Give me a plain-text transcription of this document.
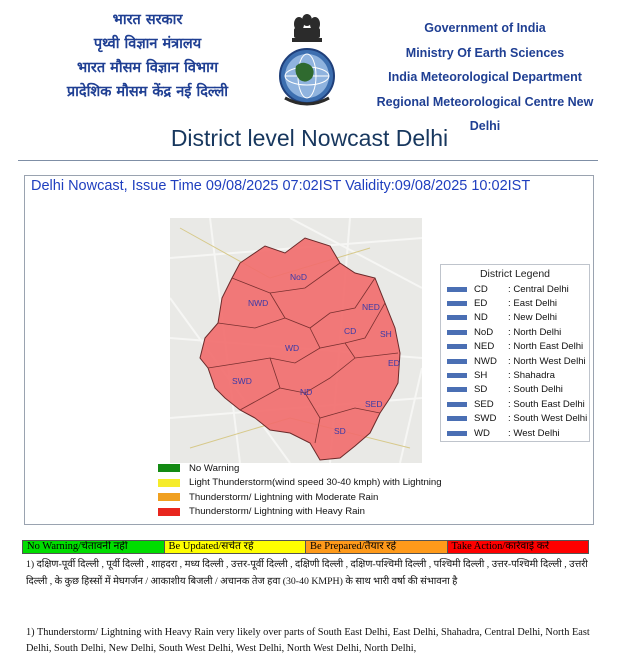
भारत सरकार
पृथ्वी विज्ञान मंत्रालय
भारत मौसम विज्ञान विभाग
प्रादेशिक मौसम केंद्र नई दिल्ली
Government of India
Ministry Of Earth Sciences
India Meteorological Department
Regional Meteorological Centre New Delhi
District level Nowcast Delhi
Delhi Nowcast, Issue Time 09/08/2025 07:02IST Validity:09/08/2025 10:02IST
NoD
NWD	NED
CD	SH
WD
ED
SWD
ND
SED
SD
District Legend
CD	: Central Delhi
ED	: East Delhi
ND	: New Delhi
NoD	: North Delhi
NED	: North East Delhi
NWD	: North West Delhi
SH	: Shahadra
SD	: South Delhi
SED	: South East Delhi
SWD	: South West Delhi
WD	: West Delhi
No Warning
Light Thunderstorm(wind speed 30-40 kmph) with Lightning
Thunderstorm/ Lightning with Moderate Rain
Thunderstorm/ Lightning with Heavy Rain
No Warning/चेतावनी नहीं	Be Updated/सचेत रहे	Be Prepared/तैयार रहे	Take Action/कार्रवाई करें
1) दक्षिण-पूर्वी दिल्ली , पूर्वी दिल्ली , शाहदरा , मध्य दिल्ली , उत्तर-पूर्वी दिल्ली , दक्षिणी दिल्ली , दक्षिण-पश्चिमी दिल्ली , पश्चिमी दिल्ली , उत्तर-पश्चिमी दिल्ली , उत्तरी दिल्ली , के कुछ हिस्सों में मेघगर्जन / आकाशीय बिजली / अचानक तेज हवा (30-40 KMPH) के साथ भारी वर्षा की संभावना है
1) Thunderstorm/ Lightning with Heavy Rain very likely over parts of South East Delhi, East Delhi, Shahadra, Central Delhi, North East Delhi, South Delhi, New Delhi, South West Delhi, West Delhi, North West Delhi, North Delhi,
